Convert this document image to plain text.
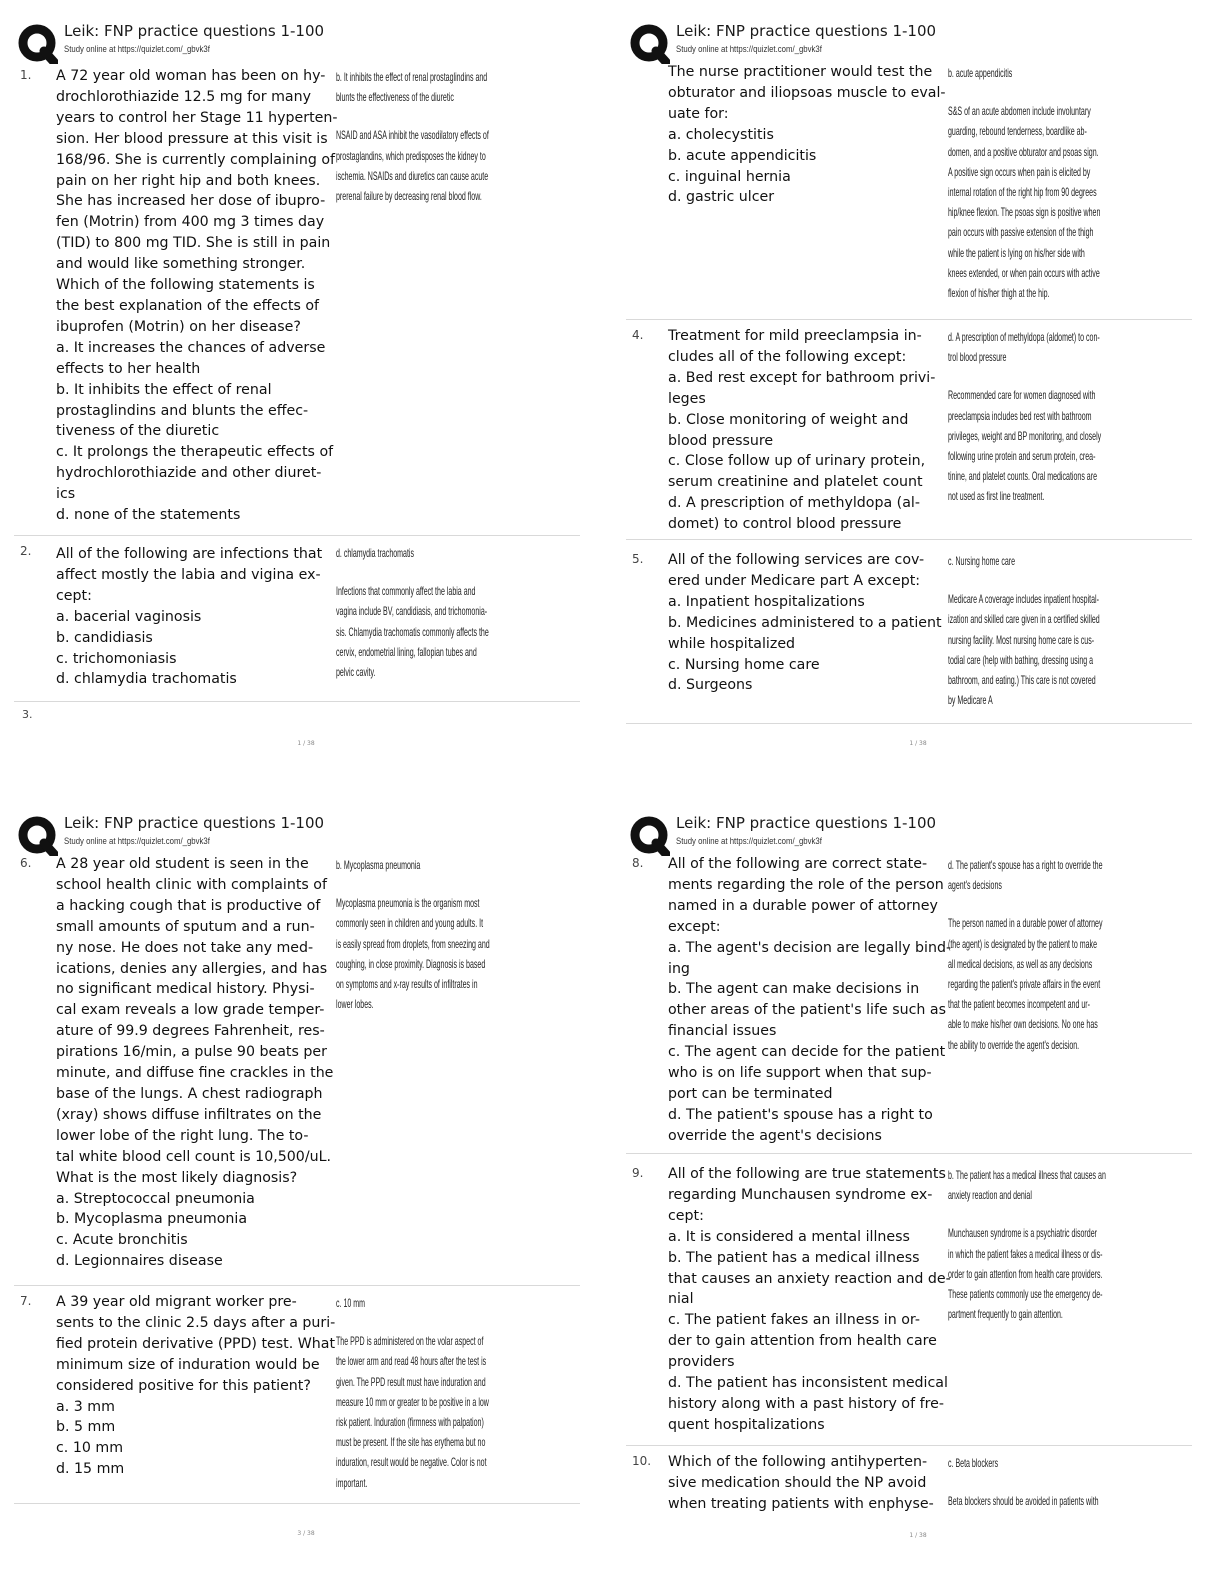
Leik: FNP practice questions 1-100
Study online at https://quizlet.com/_gbvk3f
1. A 72 year old woman has been on hy-
drochlorothiazide 12.5 mg for many
years to control her Stage 11 hyperten-
sion. Her blood pressure at this visit is
168/96. She is currently complaining of
pain on her right hip and both knees.
She has increased her dose of ibupro-
fen (Motrin) from 400 mg 3 times day
(TID) to 800 mg TID. She is still in pain
and would like something stronger.
Which of the following statements is
the best explanation of the effects of
ibuprofen (Motrin) on her disease?
a. It increases the chances of adverse
effects to her health
b. It inhibits the effect of renal
prostaglindins and blunts the effec-
tiveness of the diuretic
c. It prolongs the therapeutic effects of
hydrochlorothiazide and other diuret-
ics
d. none of the statements
b. It inhibits the effect of renal prostaglindins and
blunts the effectiveness of the diuretic
NSAID and ASA inhibit the vasodilatory effects of
prostaglandins, which predisposes the kidney to
ischemia. NSAIDs and diuretics can cause acute
prerenal failure by decreasing renal blood flow.
2. All of the following are infections that
affect mostly the labia and vigina ex-
cept:
a. bacerial vaginosis
b. candidiasis
c. trichomoniasis
d. chlamydia trachomatis
d. chlamydia trachomatis
Infections that commonly affect the labia and
vagina include BV, candidiasis, and trichomonia-
sis. Chlamydia trachomatis commonly affects the
cervix, endometrial lining, fallopian tubes and
pelvic cavity.
3.
1 / 38
Leik: FNP practice questions 1-100
Study online at https://quizlet.com/_gbvk3f
The nurse practitioner would test the
obturator and iliopsoas muscle to eval-
uate for:
a. cholecystitis
b. acute appendicitis
c. inguinal hernia
d. gastric ulcer
b. acute appendicitis
S&S of an acute abdomen include involuntary
guarding, rebound tenderness, boardlike ab-
domen, and a positive obturator and psoas sign.
A positive sign occurs when pain is elicited by
internal rotation of the right hip from 90 degrees
hip/knee flexion. The psoas sign is positive when
pain occurs with passive extension of the thigh
while the patient is lying on his/her side with
knees extended, or when pain occurs with active
flexion of his/her thigh at the hip.
4. Treatment for mild preeclampsia in-
cludes all of the following except:
a. Bed rest except for bathroom privi-
leges
b. Close monitoring of weight and
blood pressure
c. Close follow up of urinary protein,
serum creatinine and platelet count
d. A prescription of methyldopa (al-
domet) to control blood pressure
d. A prescription of methyldopa (aldomet) to con-
trol blood pressure
Recommended care for women diagnosed with
preeclampsia includes bed rest with bathroom
privileges, weight and BP monitoring, and closely
following urine protein and serum protein, crea-
tinine, and platelet counts. Oral medications are
not used as first line treatment.
5. All of the following services are cov-
ered under Medicare part A except:
a. Inpatient hospitalizations
b. Medicines administered to a patient
while hospitalized
c. Nursing home care
d. Surgeons
c. Nursing home care
Medicare A coverage includes inpatient hospital-
ization and skilled care given in a certified skilled
nursing facility. Most nursing home care is cus-
todial care (help with bathing, dressing using a
bathroom, and eating.) This care is not covered
by Medicare A
1 / 38
Leik: FNP practice questions 1-100
Study online at https://quizlet.com/_gbvk3f
6. A 28 year old student is seen in the
school health clinic with complaints of
a hacking cough that is productive of
small amounts of sputum and a run-
ny nose. He does not take any med-
ications, denies any allergies, and has
no significant medical history. Physi-
cal exam reveals a low grade temper-
ature of 99.9 degrees Fahrenheit, res-
pirations 16/min, a pulse 90 beats per
minute, and diffuse fine crackles in the
base of the lungs. A chest radiograph
(xray) shows diffuse infiltrates on the
lower lobe of the right lung. The to-
tal white blood cell count is 10,500/uL.
What is the most likely diagnosis?
a. Streptococcal pneumonia
b. Mycoplasma pneumonia
c. Acute bronchitis
d. Legionnaires disease
b. Mycoplasma pneumonia
Mycoplasma pneumonia is the organism most
commonly seen in children and young adults. It
is easily spread from droplets, from sneezing and
coughing, in close proximity. Diagnosis is based
on symptoms and x-ray results of infiltrates in
lower lobes.
7. A 39 year old migrant worker pre-
sents to the clinic 2.5 days after a puri-
fied protein derivative (PPD) test. What
minimum size of induration would be
considered positive for this patient?
a. 3 mm
b. 5 mm
c. 10 mm
d. 15 mm
c. 10 mm
The PPD is administered on the volar aspect of
the lower arm and read 48 hours after the test is
given. The PPD result must have induration and
measure 10 mm or greater to be positive in a low
risk patient. Induration (firmness with palpation)
must be present. If the site has erythema but no
induration, result would be negative. Color is not
important.
3 / 38
Leik: FNP practice questions 1-100
Study online at https://quizlet.com/_gbvk3f
8. All of the following are correct state-
ments regarding the role of the person
named in a durable power of attorney
except:
a. The agent's decision are legally bind-
ing
b. The agent can make decisions in
other areas of the patient's life such as
financial issues
c. The agent can decide for the patient
who is on life support when that sup-
port can be terminated
d. The patient's spouse has a right to
override the agent's decisions
d. The patient's spouse has a right to override the
agent's decisions
The person named in a durable power of attorney
(the agent) is designated by the patient to make
all medical decisions, as well as any decisions
regarding the patient's private affairs in the event
that the patient becomes incompetent and ur-
able to make his/her own decisions. No one has
the ability to override the agent's decision.
9. All of the following are true statements
regarding Munchausen syndrome ex-
cept:
a. It is considered a mental illness
b. The patient has a medical illness
that causes an anxiety reaction and de-
nial
c. The patient fakes an illness in or-
der to gain attention from health care
providers
d. The patient has inconsistent medical
history along with a past history of fre-
quent hospitalizations
b. The patient has a medical illness that causes an
anxiety reaction and denial
Munchausen syndrome is a psychiatric disorder
in which the patient fakes a medical illness or dis-
order to gain attention from health care providers.
These patients commonly use the emergency de-
partment frequently to gain attention.
10. Which of the following antihyperten-
sive medication should the NP avoid
when treating patients with enphyse-
c. Beta blockers
Beta blockers should be avoided in patients with
1 / 38
